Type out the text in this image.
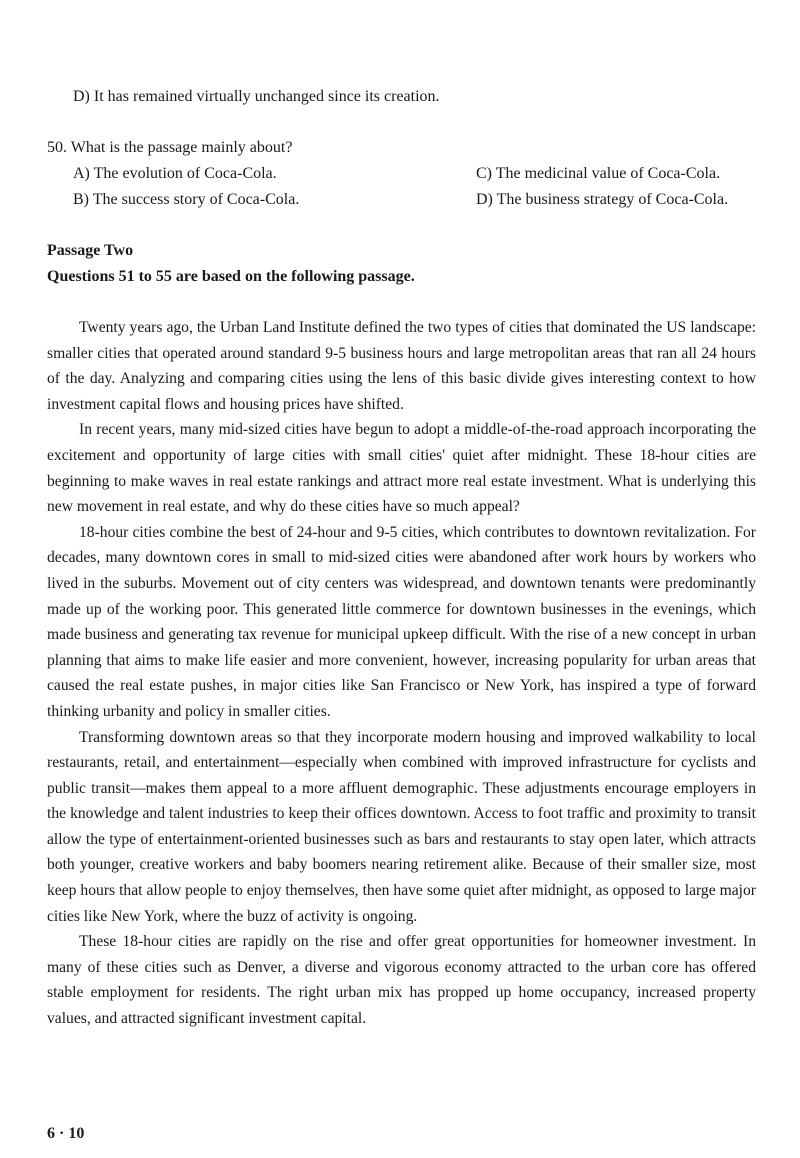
D) It has remained virtually unchanged since its creation.
50. What is the passage mainly about?
A) The evolution of Coca-Cola.
B) The success story of Coca-Cola.
C) The medicinal value of Coca-Cola.
D) The business strategy of Coca-Cola.
Passage Two
Questions 51 to 55 are based on the following passage.

Twenty years ago, the Urban Land Institute defined the two types of cities that dominated the US landscape: smaller cities that operated around standard 9-5 business hours and large metropolitan areas that ran all 24 hours of the day. Analyzing and comparing cities using the lens of this basic divide gives interesting context to how investment capital flows and housing prices have shifted.

In recent years, many mid-sized cities have begun to adopt a middle-of-the-road approach incorporating the excitement and opportunity of large cities with small cities' quiet after midnight. These 18-hour cities are beginning to make waves in real estate rankings and attract more real estate investment. What is underlying this new movement in real estate, and why do these cities have so much appeal?

18-hour cities combine the best of 24-hour and 9-5 cities, which contributes to downtown revitalization. For decades, many downtown cores in small to mid-sized cities were abandoned after work hours by workers who lived in the suburbs. Movement out of city centers was widespread, and downtown tenants were predominantly made up of the working poor. This generated little commerce for downtown businesses in the evenings, which made business and generating tax revenue for municipal upkeep difficult. With the rise of a new concept in urban planning that aims to make life easier and more convenient, however, increasing popularity for urban areas that caused the real estate pushes, in major cities like San Francisco or New York, has inspired a type of forward thinking urbanity and policy in smaller cities.

Transforming downtown areas so that they incorporate modern housing and improved walkability to local restaurants, retail, and entertainment—especially when combined with improved infrastructure for cyclists and public transit—makes them appeal to a more affluent demographic. These adjustments encourage employers in the knowledge and talent industries to keep their offices downtown. Access to foot traffic and proximity to transit allow the type of entertainment-oriented businesses such as bars and restaurants to stay open later, which attracts both younger, creative workers and baby boomers nearing retirement alike. Because of their smaller size, most keep hours that allow people to enjoy themselves, then have some quiet after midnight, as opposed to large major cities like New York, where the buzz of activity is ongoing.

These 18-hour cities are rapidly on the rise and offer great opportunities for homeowner investment. In many of these cities such as Denver, a diverse and vigorous economy attracted to the urban core has offered stable employment for residents. The right urban mix has propped up home occupancy, increased property values, and attracted significant investment capital.

6 · 10
